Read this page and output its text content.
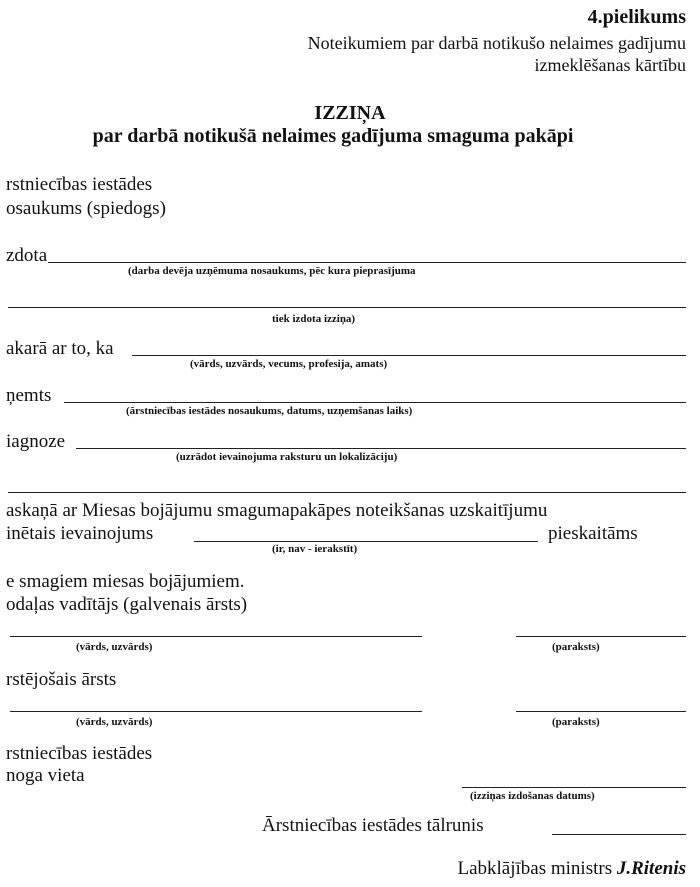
4.pielikums
Noteikumiem par darbā notikušo nelaimes gadījumu
izmeklēšanas kārtību
IZZIŅA
par darbā notikušā nelaimes gadījuma smaguma pakāpi
rstniecības iestādes
osaukums (spiedogs)
zdota
(darba devēja uzņēmuma nosaukums, pēc kura pieprasījuma
tiek izdota izziņa)
akarā ar to, ka
(vārds, uzvārds, vecums, profesija, amats)
ņemts
(ārstniecības iestādes nosaukums, datums, uzņemšanas laiks)
iagnoze
(uzrādot ievainojuma raksturu un lokalizāciju)
askaņā ar Miesas bojājumu smagumapakāpes noteikšanas uzskaitījumu
inētais ievainojums	pieskaitāms
(ir, nav - ierakstīt)
e smagiem miesas bojājumiem.
odaļas vadītājs (galvenais ārsts)
(vārds, uzvārds)	(paraksts)
rstējošais ārsts
(vārds, uzvārds)	(paraksts)
rstniecības iestādes
noga vieta
(izziņas izdošanas datums)
Ārstniecības iestādes tālrunis
Labklājības ministrs J.Ritenis
